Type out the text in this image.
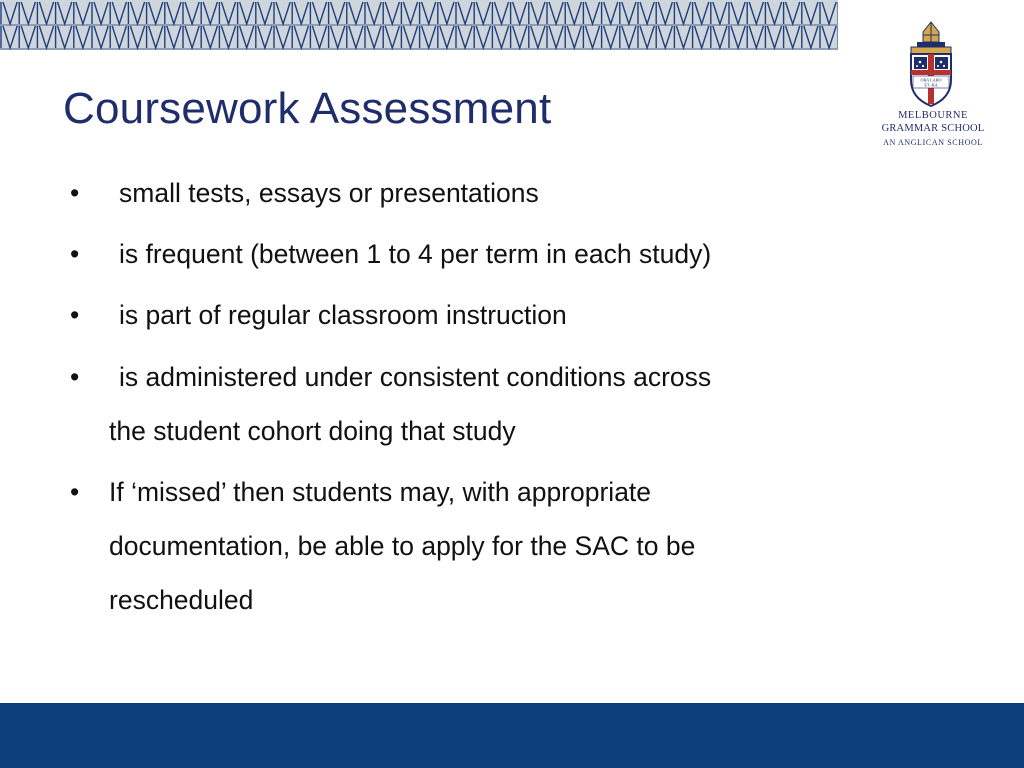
Coursework Assessment
ORA LABO
ET ‑RA
MELBOURNE
GRAMMAR SCHOOL
AN ANGLICAN SCHOOL
•	small tests, essays or presentations
•	is frequent (between 1 to 4 per term in each study)
•	is part of regular classroom instruction
•	is administered under consistent conditions across
the student cohort doing that study
•	If ‘missed’ then students may, with appropriate
documentation, be able to apply for the SAC to be
rescheduled
